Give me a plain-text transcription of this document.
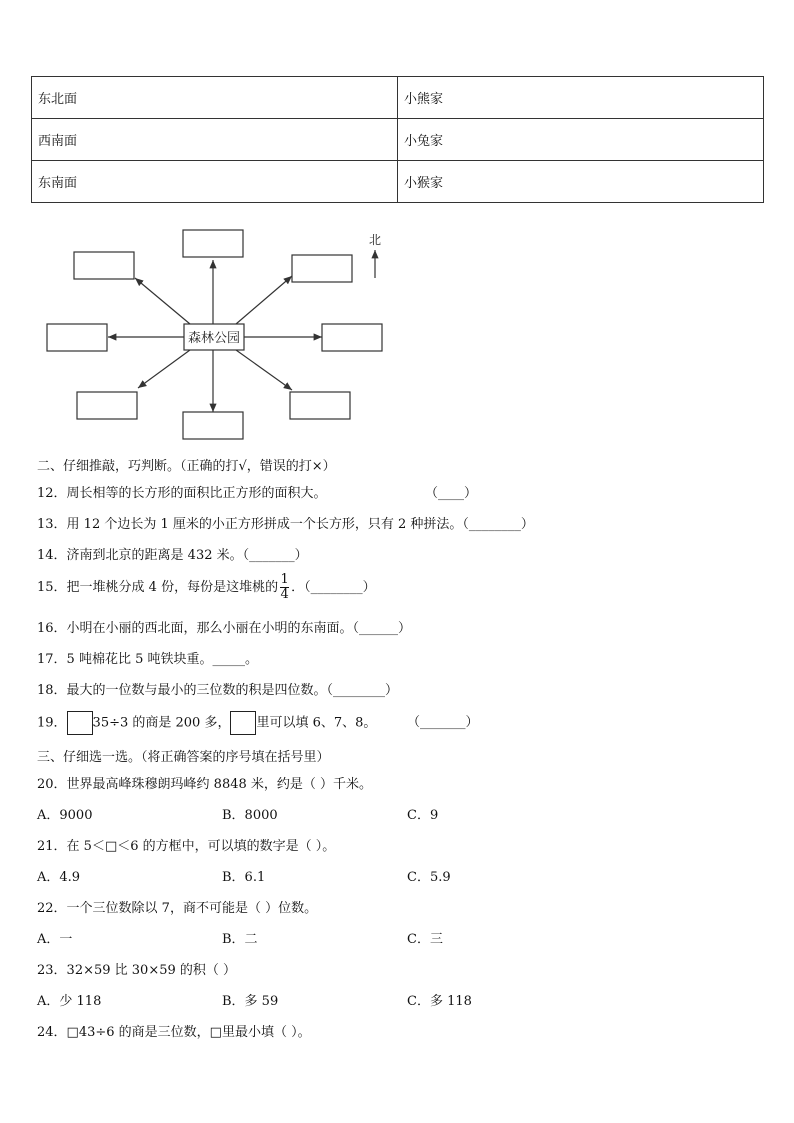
东北面	小熊家
西南面	小兔家
东南面	小猴家
森林公园
北
二、仔细推敲，巧判断。（正确的打√，错误的打×）
12．周长相等的长方形的面积比正方形的面积大。	（____）
13．用 12 个边长为 1 厘米的小正方形拼成一个长方形，只有 2 种拼法。（________）
14．济南到北京的距离是 432 米。（_______）
15．把一堆桃分成 4 份，每份是这堆桃的 $\frac{1}{4}$ ．（________）
16．小明在小丽的西北面，那么小丽在小明的东南面。（______）
17．5 吨棉花比 5 吨铁块重。_____。
18．最大的一位数与最小的三位数的积是四位数。（________）
19． 35÷3 的商是 200 多， 里可以填 6、7、8。 （_______）
三、仔细选一选。（将正确答案的序号填在括号里）
20．世界最高峰珠穆朗玛峰约 8848 米，约是（ ）千米。
A．9000	B．8000	C．9
21．在 5＜□＜6 的方框中，可以填的数字是（ ）。
A．4.9	B．6.1	C．5.9
22．一个三位数除以 7，商不可能是（ ）位数。
A．一	B．二	C．三
23．32×59 比 30×59 的积（ ）
A．少 118	B．多 59	C．多 118
24．□43÷6 的商是三位数，□里最小填（ ）。
